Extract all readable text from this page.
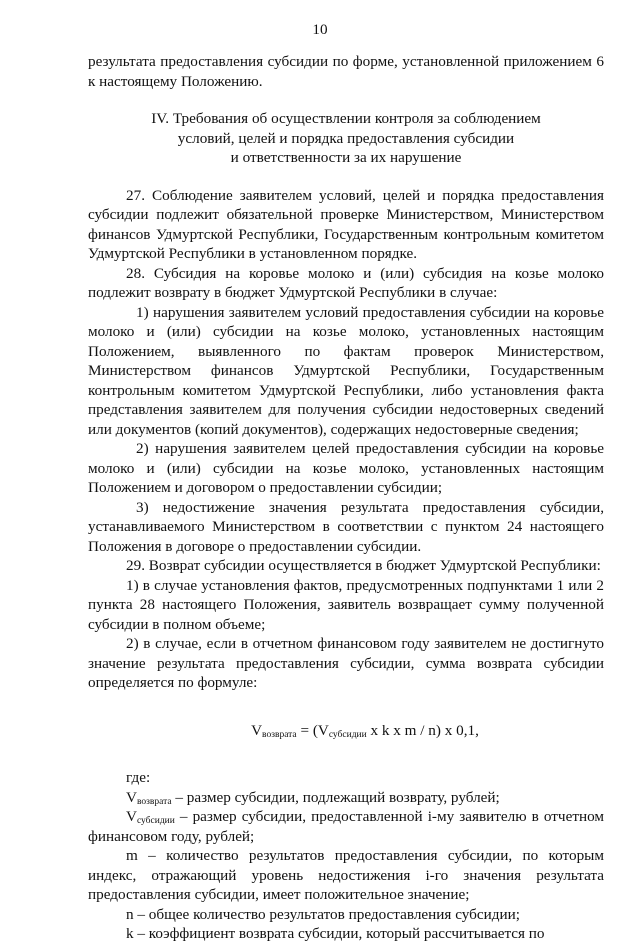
10

результата предоставления субсидии по форме, установленной приложением 6 к настоящему Положению.

IV. Требования об осуществлении контроля за соблюдением
условий, целей и порядка предоставления субсидии
и ответственности за их нарушение

27. Соблюдение заявителем условий, целей и порядка предоставления субсидии подлежит обязательной проверке Министерством, Министерством финансов Удмуртской Республики, Государственным контрольным комитетом Удмуртской Республики в установленном порядке.

28. Субсидия на коровье молоко и (или) субсидия на козье молоко подлежит возврату в бюджет Удмуртской Республики в случае:

1) нарушения заявителем условий предоставления субсидии на коровье молоко и (или) субсидии на козье молоко, установленных настоящим Положением, выявленного по фактам проверок Министерством, Министерством финансов Удмуртской Республики, Государственным контрольным комитетом Удмуртской Республики, либо установления факта представления заявителем для получения субсидии недостоверных сведений или документов (копий документов), содержащих недостоверные сведения;

2) нарушения заявителем целей предоставления субсидии на коровье молоко и (или) субсидии на козье молоко, установленных настоящим Положением и договором о предоставлении субсидии;

3) недостижение значения результата предоставления субсидии, устанавливаемого Министерством в соответствии с пунктом 24 настоящего Положения в договоре о предоставлении субсидии.

29. Возврат субсидии осуществляется в бюджет Удмуртской Республики:

1) в случае установления фактов, предусмотренных подпунктами 1 или 2 пункта 28 настоящего Положения, заявитель возвращает сумму полученной субсидии в полном объеме;

2) в случае, если в отчетном финансовом году заявителем не достигнуто значение результата предоставления субсидии, сумма возврата субсидии определяется по формуле:

$V_{возврата} = (V_{субсидии}$ x k x m / n) x 0,1,

где:

$V_{возврата}$ – размер субсидии, подлежащий возврату, рублей;

$V_{субсидии}$ – размер субсидии, предоставленной i-му заявителю в отчетном финансовом году, рублей;

m – количество результатов предоставления субсидии, по которым индекс, отражающий уровень недостижения i-го значения результата предоставления субсидии, имеет положительное значение;

n – общее количество результатов предоставления субсидии;

k – коэффициент возврата субсидии, который рассчитывается по
